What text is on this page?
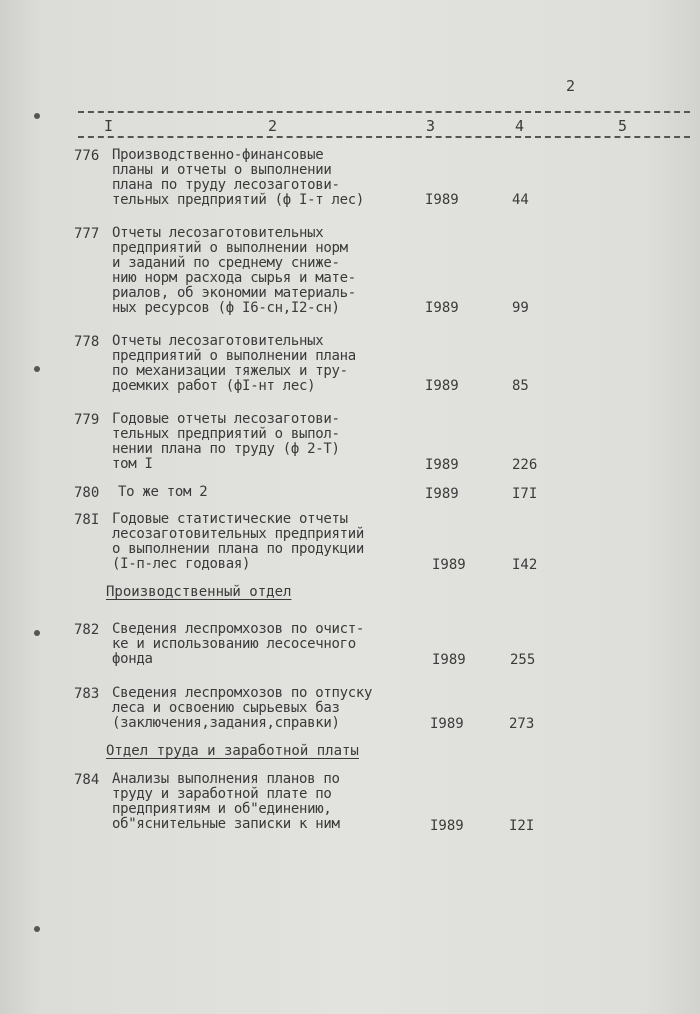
2
I	2	3	4	5
776 Производственно-финансовые
планы и отчеты о выполнении
плана по труду лесозаготови-
тельных предприятий (ф I-т лес)	I989	44
777 Отчеты лесозаготовительных
предприятий о выполнении норм
и заданий по среднему сниже-
нию норм расхода сырья и мате-
риалов, об экономии материаль-
ных ресурсов (ф I6-сн,I2-сн)	I989	99
778 Отчеты лесозаготовительных
предприятий о выполнении плана
по механизации тяжелых и тру-
доемких работ (фI-нт лес)	I989	85
779 Годовые отчеты лесозаготови-
тельных предприятий о выпол-
нении плана по труду (ф 2-Т)
том I	I989	226
780 То же том 2	I989	I7I
78I Годовые статистические отчеты
лесозаготовительных предприятий
о выполнении плана по продукции
(I-п-лес годовая)	I989	I42
Производственный отдел
782 Сведения леспромхозов по очист-
ке и использованию лесосечного
фонда	I989	255
783 Сведения леспромхозов по отпуску
леса и освоению сырьевых баз
(заключения,задания,справки)	I989	273
Отдел труда и заработной платы
784 Анализы выполнения планов по
труду и заработной плате по
предприятиям и об"единению,
об"яснительные записки к ним	I989	I2I
